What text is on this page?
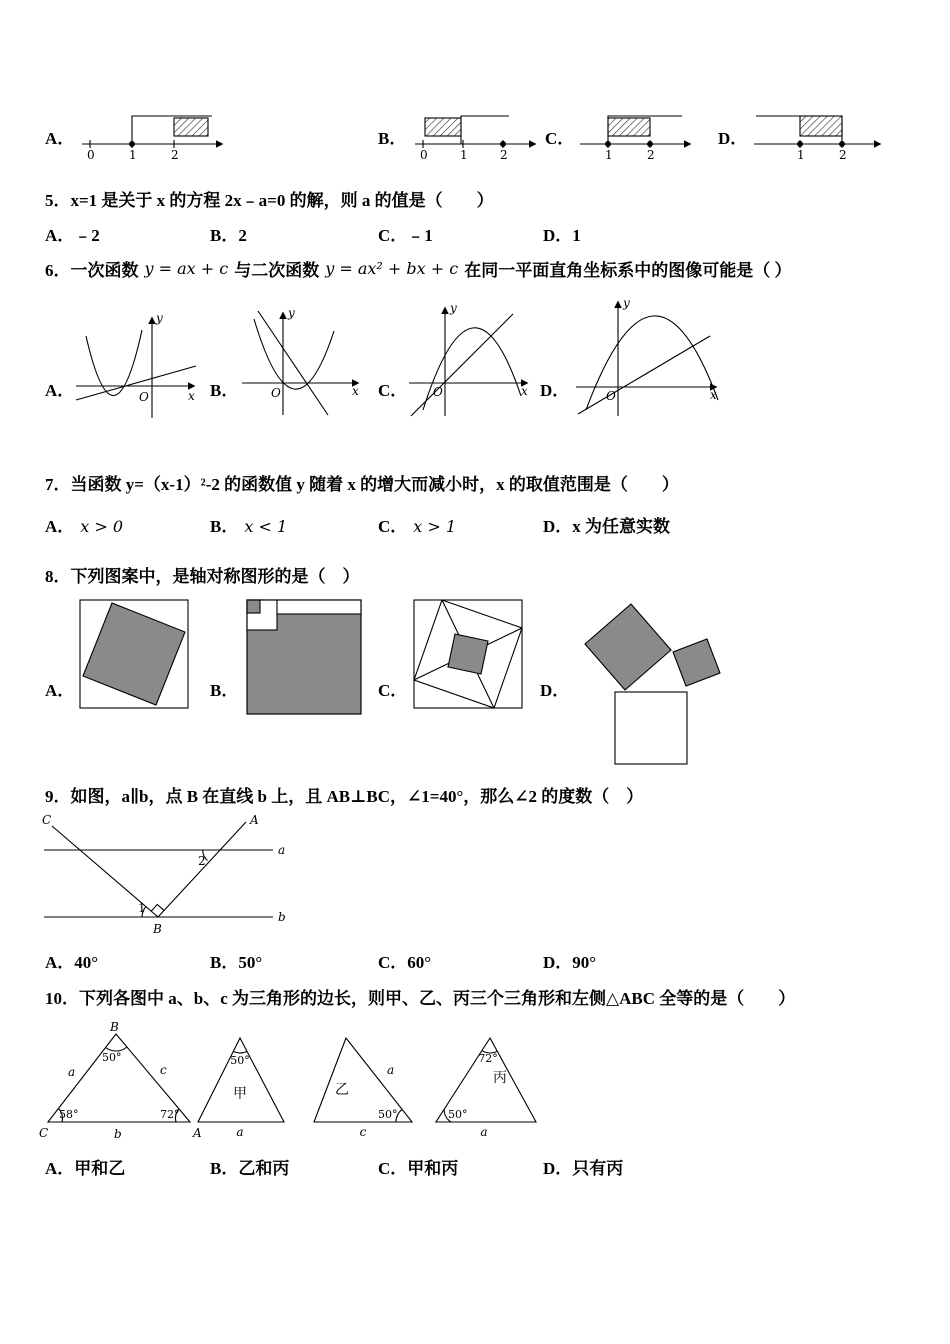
A．
0	1	2
B．
0	1	2
C．
1	2
D．
1	2
5．x=1 是关于 x 的方程 2x﹣a=0 的解，则 a 的值是（　　）
A．﹣2	B．2	C．﹣1	D．1
6．一次函数 y = ax + c 与二次函数 y = ax² + bx + c 在同一平面直角坐标系中的图像可能是（ ）
A．
y
x
O	B．
y
x
O	C．
y
x
O	D．
y
x
O
7．当函数 y=（x-1）²-2 的函数值 y 随着 x 的增大而减小时，x 的取值范围是（　　）
A． x > 0	B． x < 1	C． x > 1	D．x 为任意实数
8．下列图案中，是轴对称图形的是（　）
A．	B．	C．	D．
9．如图，a∥b，点 B 在直线 b 上，且 AB⊥BC，∠1=40°，那么∠2 的度数（　）
C	A
a
b
B
1
2
A．40°	B．50°	C．60°	D．90°
10．下列各图中 a、b、c 为三角形的边长，则甲、乙、丙三个三角形和左侧△ABC 全等的是（　　）
B
C	A
50°
58°	72°
a	c
b
50°
甲
a
乙
a
50°
c
72°
丙
50°
a
A．甲和乙	B．乙和丙	C．甲和丙	D．只有丙
